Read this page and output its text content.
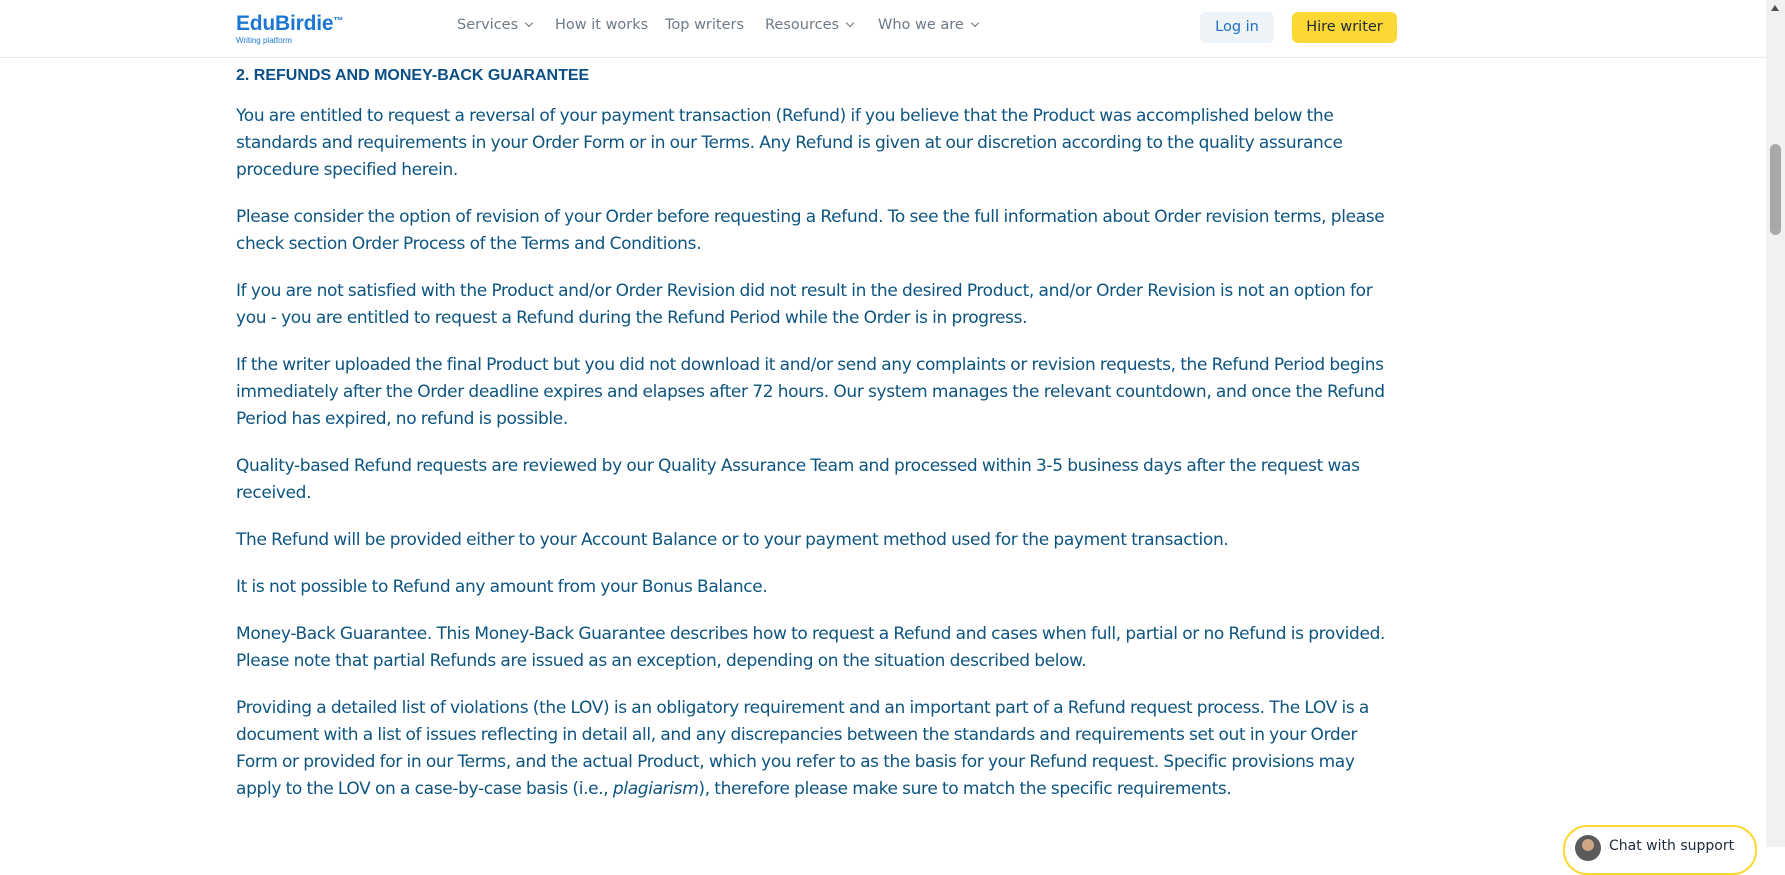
EduBirdie™
Writing platform
Services	How it works Top writers Resources	Who we are	Log in	Hire writer
2. REFUNDS AND MONEY-BACK GUARANTEE

You are entitled to request a reversal of your payment transaction (Refund) if you believe that the Product was accomplished below the standards and requirements in your Order Form or in our Terms. Any Refund is given at our discretion according to the quality assurance procedure specified herein.

Please consider the option of revision of your Order before requesting a Refund. To see the full information about Order revision terms, please check section Order Process of the Terms and Conditions.

If you are not satisfied with the Product and/or Order Revision did not result in the desired Product, and/or Order Revision is not an option for you - you are entitled to request a Refund during the Refund Period while the Order is in progress.

If the writer uploaded the final Product but you did not download it and/or send any complaints or revision requests, the Refund Period begins immediately after the Order deadline expires and elapses after 72 hours. Our system manages the relevant countdown, and once the Refund Period has expired, no refund is possible.

Quality-based Refund requests are reviewed by our Quality Assurance Team and processed within 3-5 business days after the request was received.

The Refund will be provided either to your Account Balance or to your payment method used for the payment transaction.

It is not possible to Refund any amount from your Bonus Balance.

Money-Back Guarantee. This Money-Back Guarantee describes how to request a Refund and cases when full, partial or no Refund is provided. Please note that partial Refunds are issued as an exception, depending on the situation described below.

Providing a detailed list of violations (the LOV) is an obligatory requirement and an important part of a Refund request process. The LOV is a document with a list of issues reflecting in detail all, and any discrepancies between the standards and requirements set out in your Order Form or provided for in our Terms, and the actual Product, which you refer to as the basis for your Refund request. Specific provisions may apply to the LOV on a case-by-case basis (i.e., plagiarism), therefore please make sure to match the specific requirements.

Chat with support
